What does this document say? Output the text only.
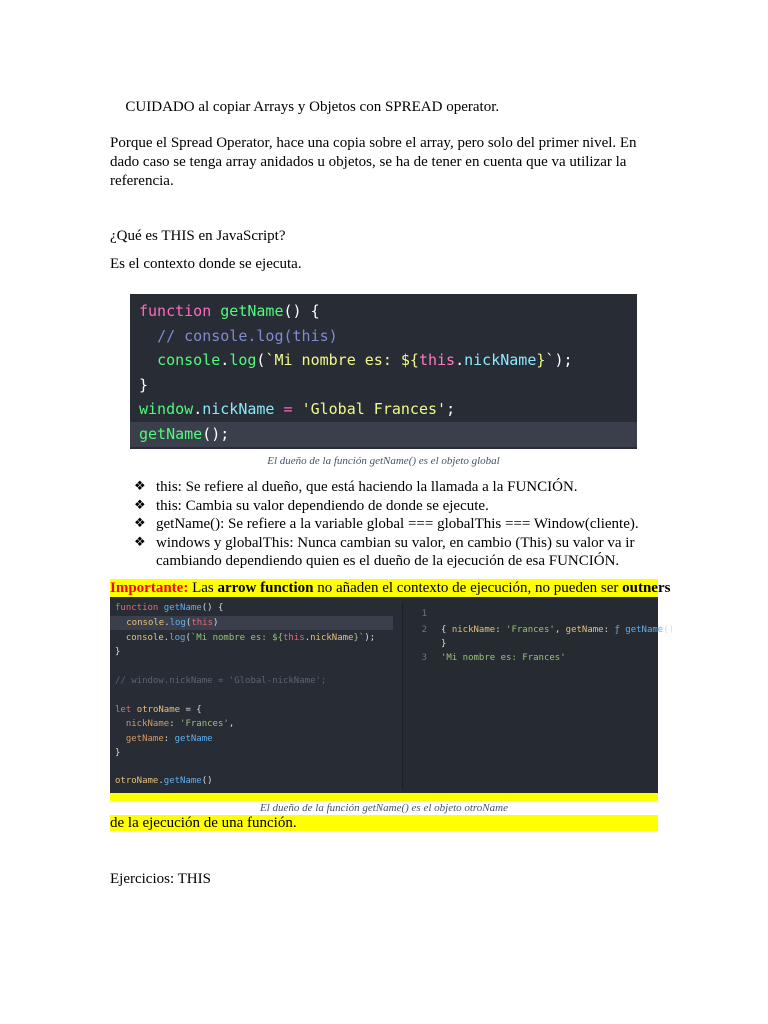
  CUIDADO al copiar Arrays y Objetos con SPREAD operator.
Porque el Spread Operator, hace una copia sobre el array, pero solo del primer nivel. En dado caso se tenga array anidados u objetos, se ha de tener en cuenta que va utilizar la referencia.
¿Qué es THIS en JavaScript?
Es el contexto donde se ejecuta.
function getName() {
// console.log(this)
console.log(`Mi nombre es: ${this.nickName}`);
}
window.nickName = 'Global Frances';
getName();
El dueño de la función getName() es el objeto global
❖ this: Se refiere al dueño, que está haciendo la llamada a la FUNCIÓN.
❖ this: Cambia su valor dependiendo de donde se ejecute.
❖ getName(): Se refiere a la variable global === globalThis === Window(cliente).
❖ windows y globalThis: Nunca cambian su valor, en cambio (This) su valor va ir cambiando dependiendo quien es el dueño de la ejecución de esa FUNCIÓN.
Importante: Las arrow function no añaden el contexto de ejecución, no pueden ser outners
function getName() {
console.log(this)
console.log(`Mi nombre es: ${this.nickName}`);
}
// window.nickName = 'Global-nickName';
let otroName = {
nickName: 'Frances',
getName: getName
}
otroName.getName()
1
2 { nickName: 'Frances', getName: ƒ getName()
}
3 'Mi nombre es: Frances'
El dueño de la función getName() es el objeto otroName
de la ejecución de una función.
Ejercicios: THIS
